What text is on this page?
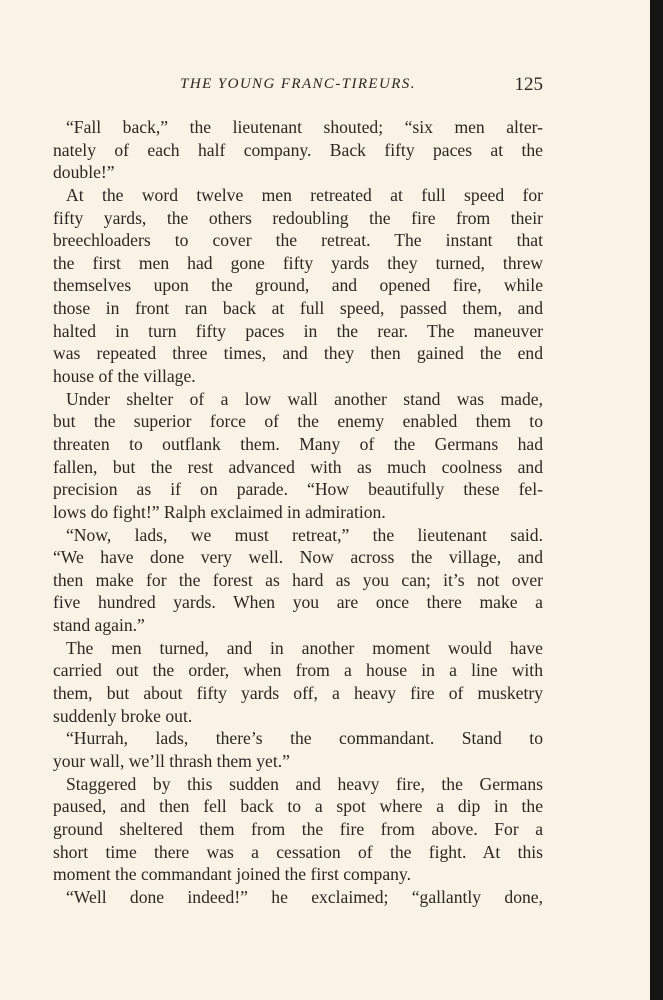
THE YOUNG FRANC-TIREURS.	125

“Fall back,” the lieutenant shouted; “six men alter-
nately of each half company. Back fifty paces at the
double!”

At the word twelve men retreated at full speed for
fifty yards, the others redoubling the fire from their
breechloaders to cover the retreat. The instant that
the first men had gone fifty yards they turned, threw
themselves upon the ground, and opened fire, while
those in front ran back at full speed, passed them, and
halted in turn fifty paces in the rear. The maneuver
was repeated three times, and they then gained the end
house of the village.

Under shelter of a low wall another stand was made,
but the superior force of the enemy enabled them to
threaten to outflank them. Many of the Germans had
fallen, but the rest advanced with as much coolness and
precision as if on parade. “How beautifully these fel-
lows do fight!” Ralph exclaimed in admiration.

“Now, lads, we must retreat,” the lieutenant said.
“We have done very well. Now across the village, and
then make for the forest as hard as you can; it’s not over
five hundred yards. When you are once there make a
stand again.”

The men turned, and in another moment would have
carried out the order, when from a house in a line with
them, but about fifty yards off, a heavy fire of musketry
suddenly broke out.

“Hurrah, lads, there’s the commandant. Stand to
your wall, we’ll thrash them yet.”

Staggered by this sudden and heavy fire, the Germans
paused, and then fell back to a spot where a dip in the
ground sheltered them from the fire from above. For a
short time there was a cessation of the fight. At this
moment the commandant joined the first company.

“Well done indeed!” he exclaimed; “gallantly done,
